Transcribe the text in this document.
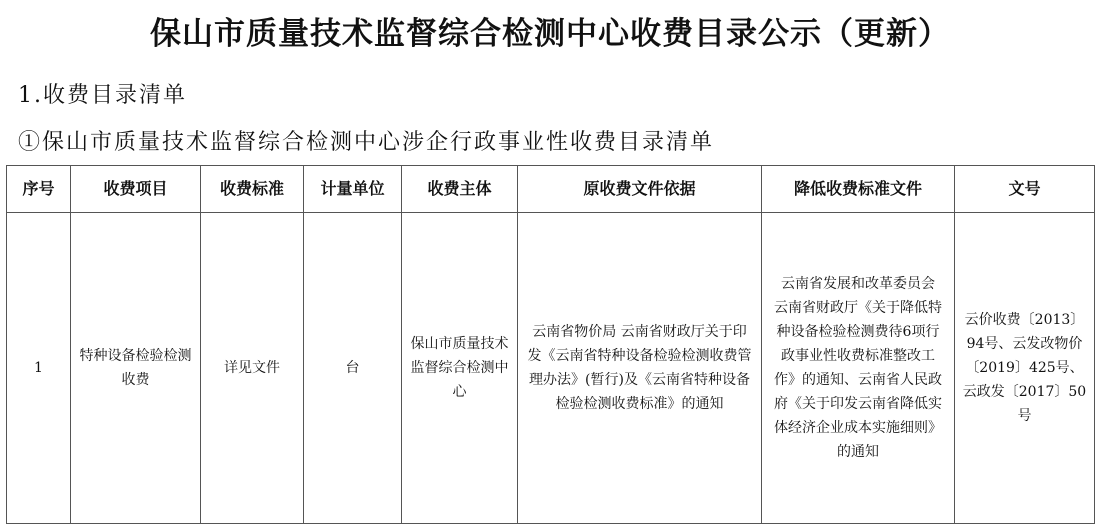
保山市质量技术监督综合检测中心收费目录公示（更新）
1.收费目录清单
①保山市质量技术监督综合检测中心涉企行政事业性收费目录清单
序号	收费项目	收费标准	计量单位	收费主体	原收费文件依据	降低收费标准文件	文号
1	特种设备检验检测收费	详见文件	台	保山市质量技术监督综合检测中心	云南省物价局 云南省财政厅关于印发《云南省特种设备检验检测收费管理办法》(暂行)及《云南省特种设备检验检测收费标准》的通知	云南省发展和改革委员会 云南省财政厅《关于降低特种设备检验检测费待6项行政事业性收费标准整改工作》的通知、云南省人民政府《关于印发云南省降低实体经济企业成本实施细则》的通知	云价收费〔2013〕94号、云发改物价〔2019〕425号、云政发〔2017〕50号
